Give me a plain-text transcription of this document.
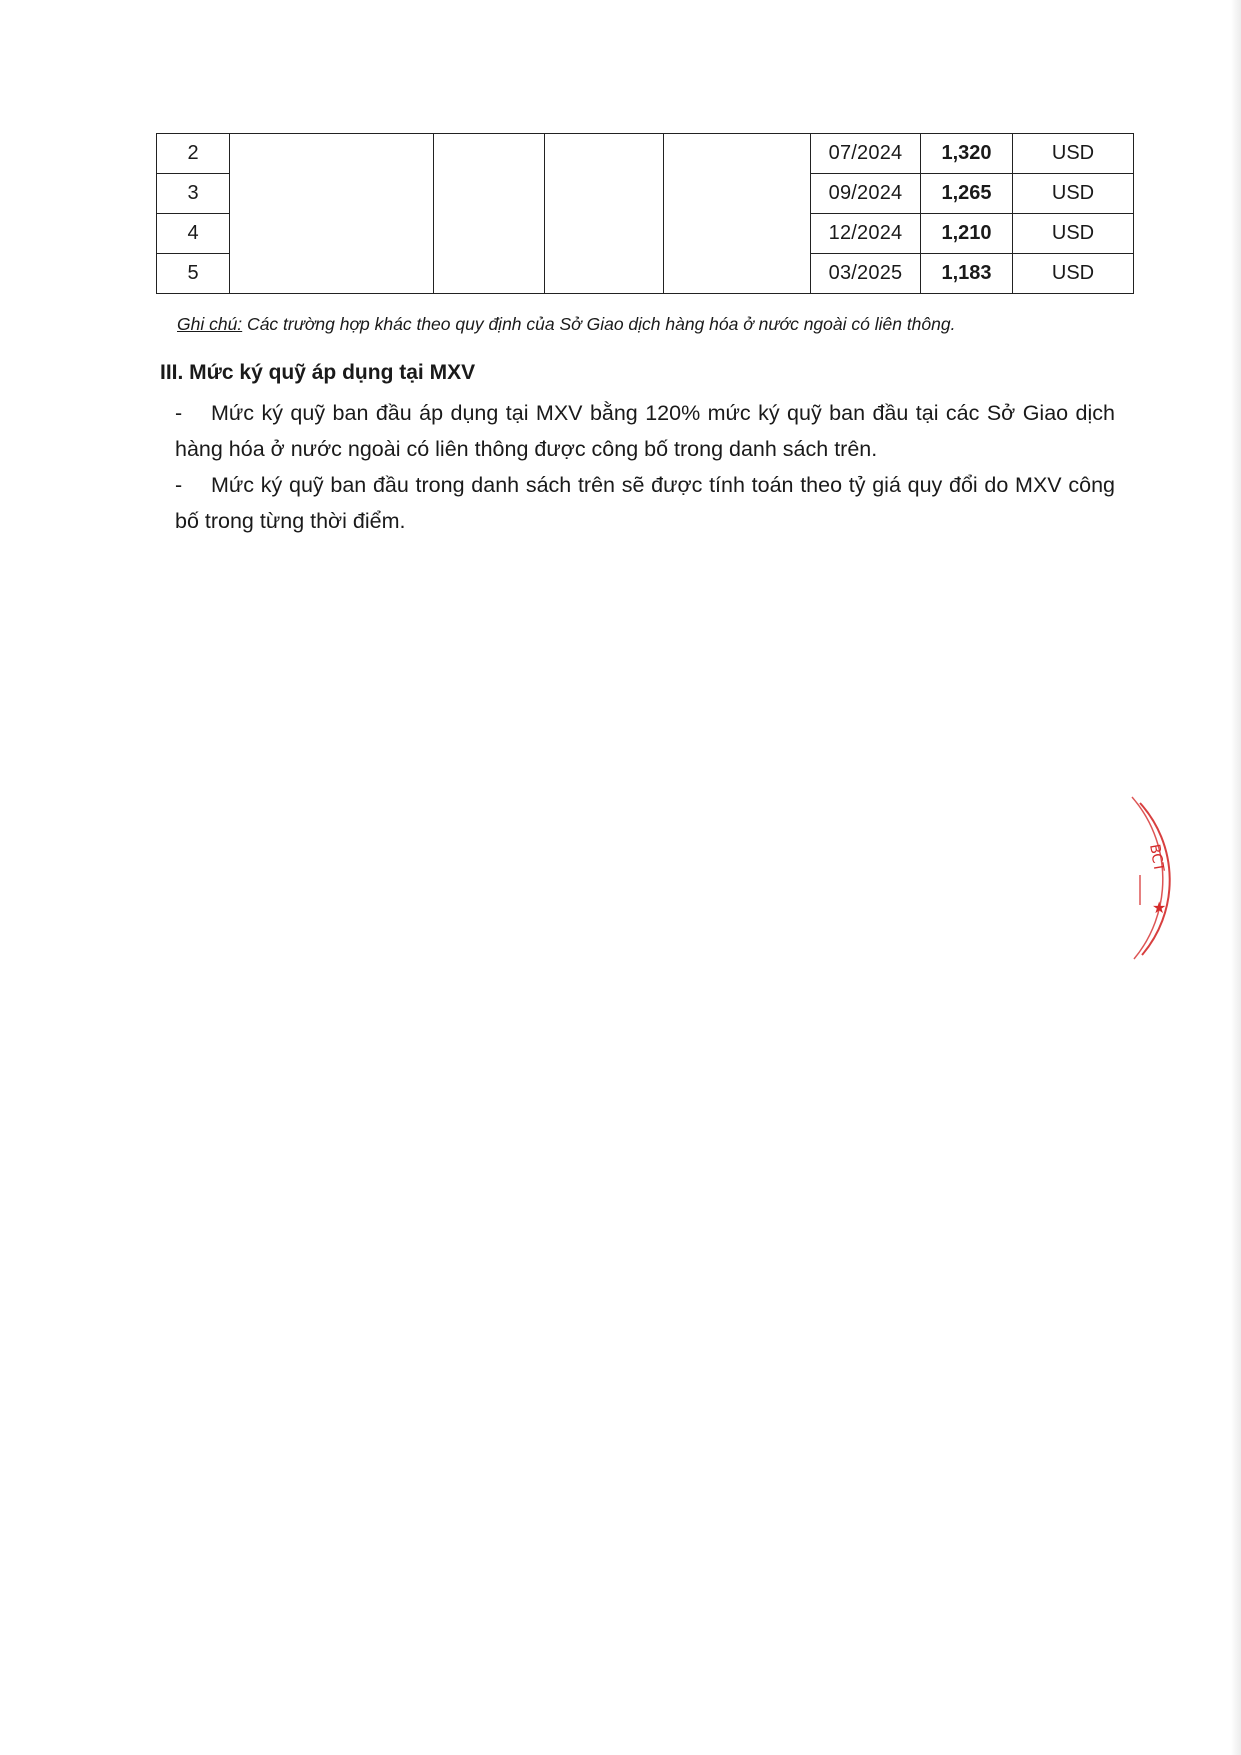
2					07/2024	1,320	USD
3					09/2024	1,265	USD
4					12/2024	1,210	USD
5					03/2025	1,183	USD
Ghi chú: Các trường hợp khác theo quy định của Sở Giao dịch hàng hóa ở nước ngoài có liên thông.
III. Mức ký quỹ áp dụng tại MXV
- Mức ký quỹ ban đầu áp dụng tại MXV bằng 120% mức ký quỹ ban đầu tại các Sở Giao dịch hàng hóa ở nước ngoài có liên thông được công bố trong danh sách trên.
- Mức ký quỹ ban đầu trong danh sách trên sẽ được tính toán theo tỷ giá quy đổi do MXV công bố trong từng thời điểm.
★
BCT
